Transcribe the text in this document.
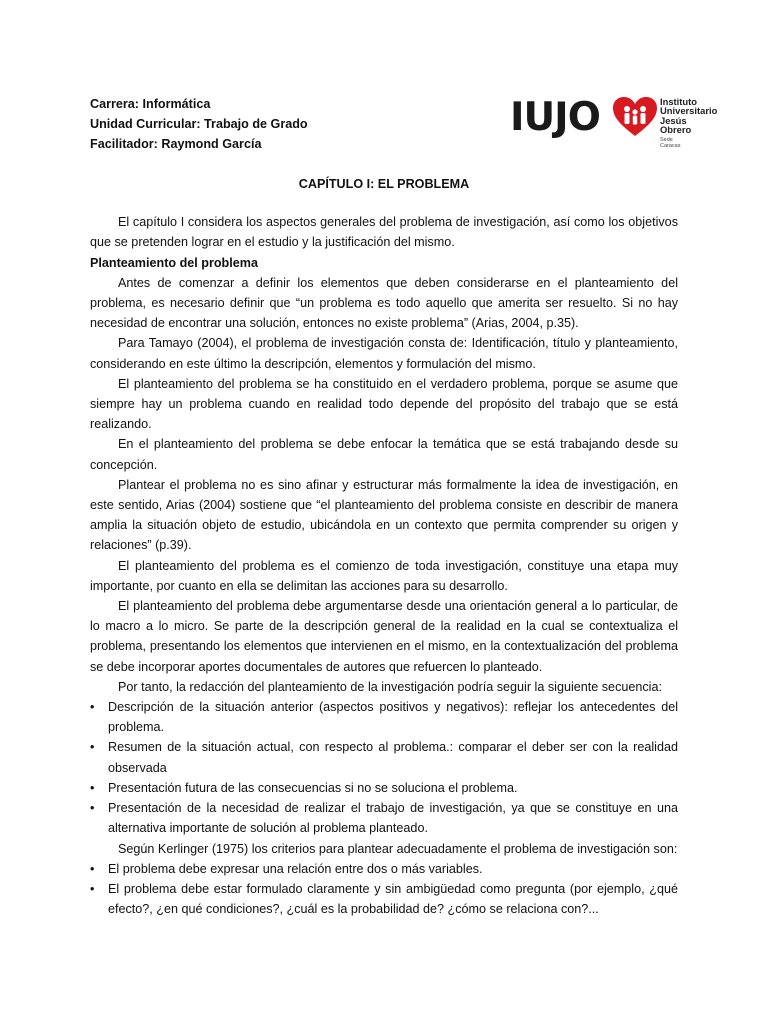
Carrera: Informática
Unidad Curricular: Trabajo de Grado
Facilitador: Raymond García
IUJO	Instituto
Universitario
Jesús
Obrero
Sede Caracas
CAPÍTULO I: EL PROBLEMA

El capítulo I considera los aspectos generales del problema de investigación, así como los objetivos que se pretenden lograr en el estudio y la justificación del mismo.

Planteamiento del problema

Antes de comenzar a definir los elementos que deben considerarse en el planteamiento del problema, es necesario definir que “un problema es todo aquello que amerita ser resuelto. Si no hay necesidad de encontrar una solución, entonces no existe problema” (Arias, 2004, p.35).

Para Tamayo (2004), el problema de investigación consta de: Identificación, título y planteamiento, considerando en este último la descripción, elementos y formulación del mismo.

El planteamiento del problema se ha constituido en el verdadero problema, porque se asume que siempre hay un problema cuando en realidad todo depende del propósito del trabajo que se está realizando.

En el planteamiento del problema se debe enfocar la temática que se está trabajando desde su concepción.

Plantear el problema no es sino afinar y estructurar más formalmente la idea de investigación, en este sentido, Arias (2004) sostiene que “el planteamiento del problema consiste en describir de manera amplia la situación objeto de estudio, ubicándola en un contexto que permita comprender su origen y relaciones” (p.39).

El planteamiento del problema es el comienzo de toda investigación, constituye una etapa muy importante, por cuanto en ella se delimitan las acciones para su desarrollo.

El planteamiento del problema debe argumentarse desde una orientación general a lo particular, de lo macro a lo micro. Se parte de la descripción general de la realidad en la cual se contextualiza el problema, presentando los elementos que intervienen en el mismo, en la contextualización del problema se debe incorporar aportes documentales de autores que refuercen lo planteado.

Por tanto, la redacción del planteamiento de la investigación podría seguir la siguiente secuencia:

• Descripción de la situación anterior (aspectos positivos y negativos): reflejar los antecedentes del problema.
• Resumen de la situación actual, con respecto al problema.: comparar el deber ser con la realidad observada
• Presentación futura de las consecuencias si no se soluciona el problema.
• Presentación de la necesidad de realizar el trabajo de investigación, ya que se constituye en una alternativa importante de solución al problema planteado.

Según Kerlinger (1975) los criterios para plantear adecuadamente el problema de investigación son:

• El problema debe expresar una relación entre dos o más variables.
• El problema debe estar formulado claramente y sin ambigüedad como pregunta (por ejemplo, ¿qué efecto?, ¿en qué condiciones?, ¿cuál es la probabilidad de? ¿cómo se relaciona con?...
